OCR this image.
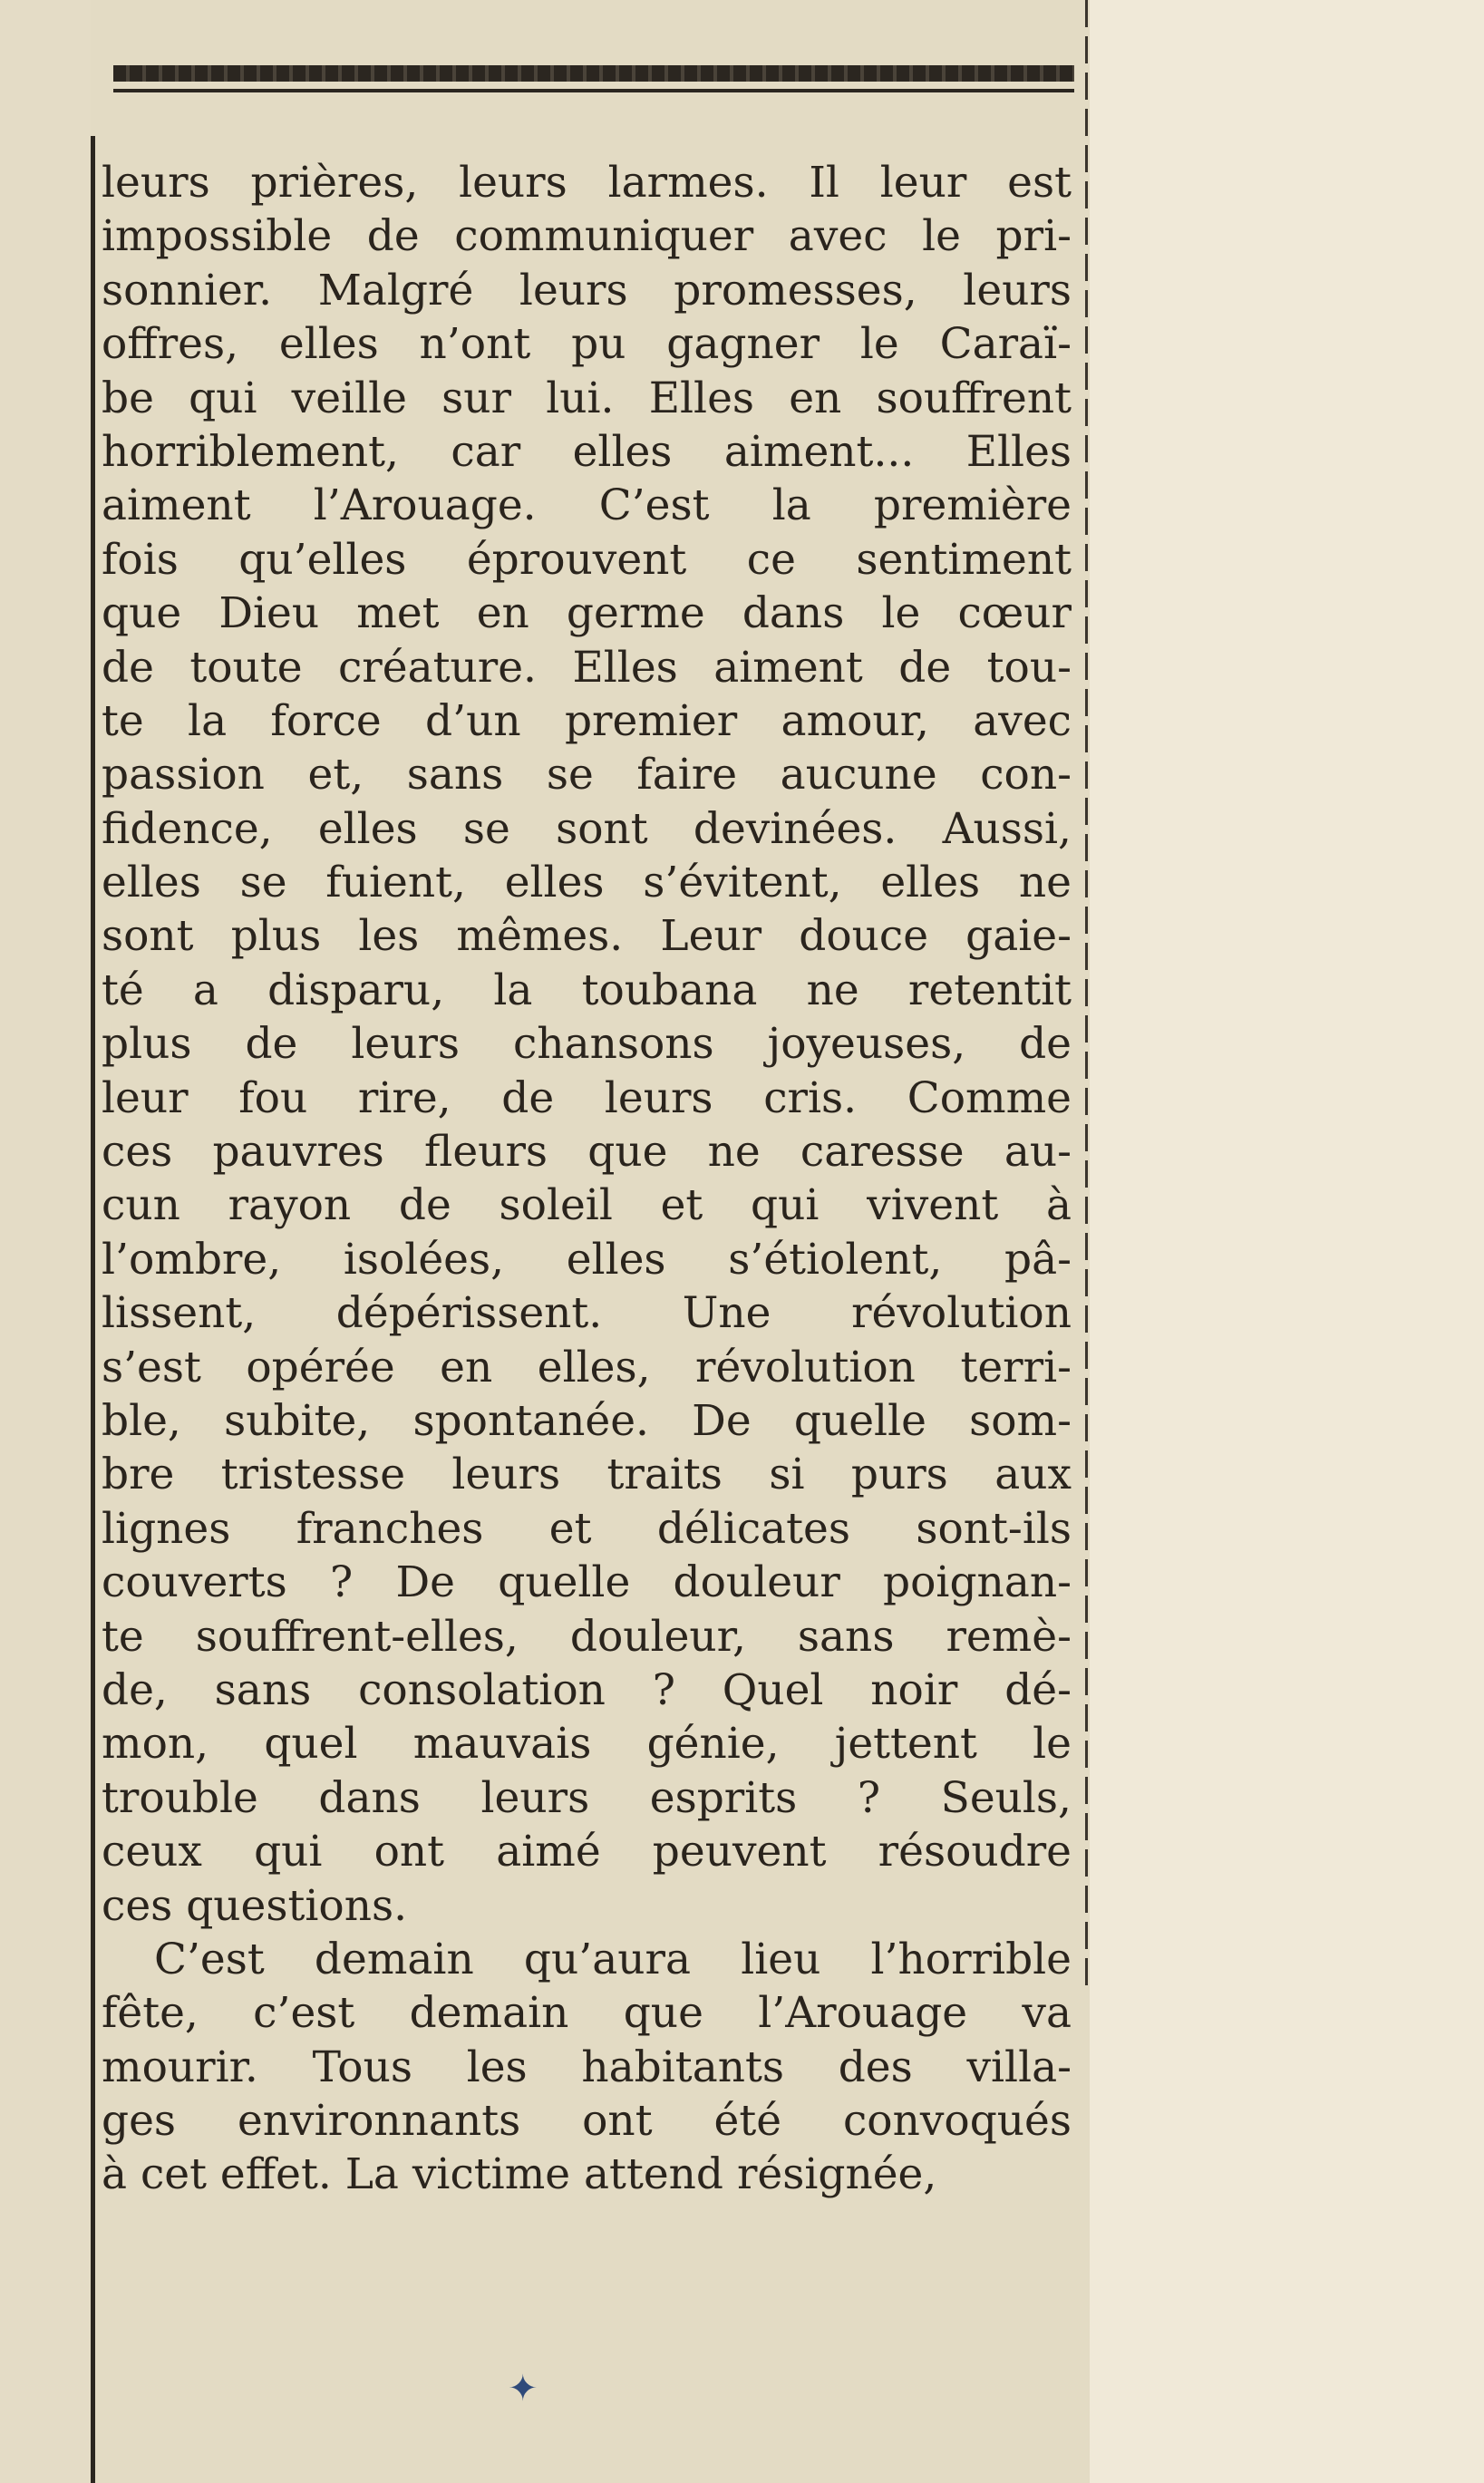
leurs prières, leurs larmes. Il leur est
impossible de communiquer avec le pri-
sonnier. Malgré leurs promesses, leurs
offres, elles n’ont pu gagner le Caraï-
be qui veille sur lui. Elles en souffrent
horriblement, car elles aiment... Elles
aiment l’Arouage. C’est la première
fois qu’elles éprouvent ce sentiment
que Dieu met en germe dans le cœur
de toute créature. Elles aiment de tou-
te la force d’un premier amour, avec
passion et, sans se faire aucune con-
fidence, elles se sont devinées. Aussi,
elles se fuient, elles s’évitent, elles ne
sont plus les mêmes. Leur douce gaie-
té a disparu, la toubana ne retentit
plus de leurs chansons joyeuses, de
leur fou rire, de leurs cris. Comme
ces pauvres fleurs que ne caresse au-
cun rayon de soleil et qui vivent à
l’ombre, isolées, elles s’étiolent, pâ-
lissent, dépérissent. Une révolution
s’est opérée en elles, révolution terri-
ble, subite, spontanée. De quelle som-
bre tristesse leurs traits si purs aux
lignes franches et délicates sont-ils
couverts ? De quelle douleur poignan-
te souffrent-elles, douleur, sans remè-
de, sans consolation ? Quel noir dé-
mon, quel mauvais génie, jettent le
trouble dans leurs esprits ? Seuls,
ceux qui ont aimé peuvent résoudre
ces questions.
C’est demain qu’aura lieu l’horrible
fête, c’est demain que l’Arouage va
mourir. Tous les habitants des villa-
ges environnants ont été convoqués
à cet effet. La victime attend résignée,
✦
